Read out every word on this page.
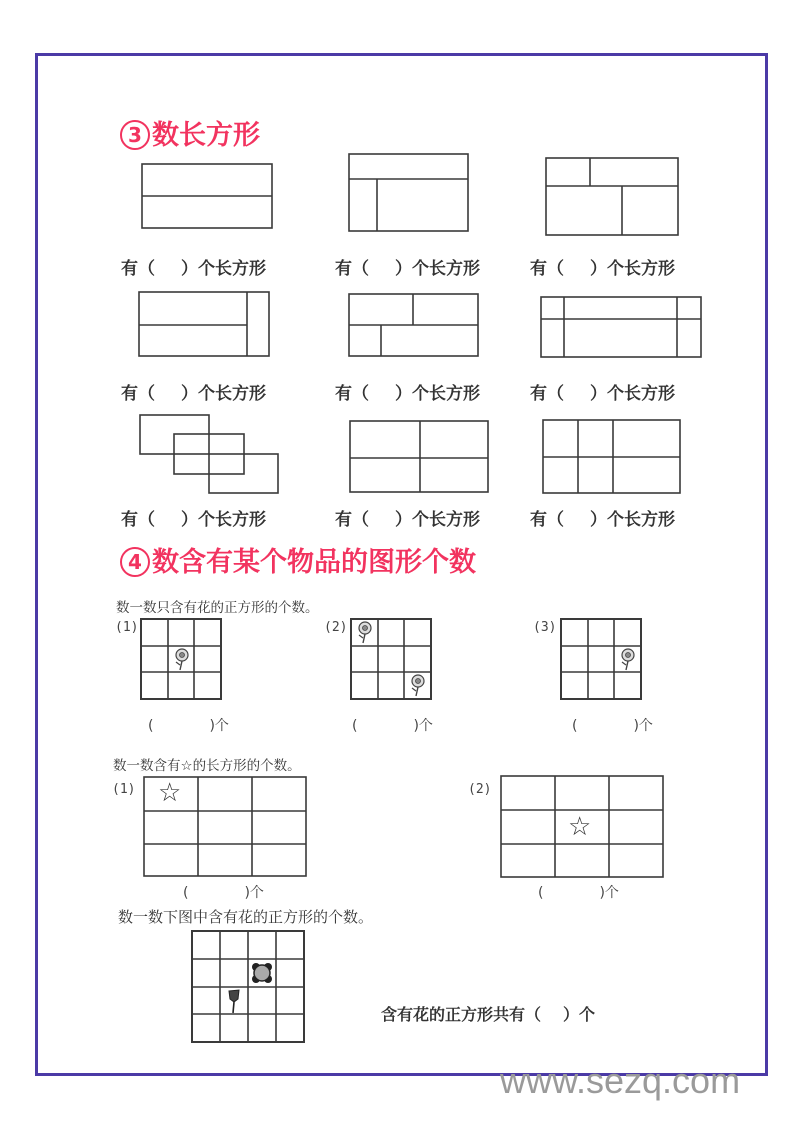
3 数长方形
有（ ）个长方形	有（ ）个长方形	有（ ）个长方形
有（ ）个长方形	有（ ）个长方形	有（ ）个长方形
有（ ）个长方形	有（ ）个长方形	有（ ）个长方形
4 数含有某个物品的图形个数
数一数只含有花的正方形的个数。
(1)	(2)	(3)
(	)个	(	)个	(	)个
数一数含有☆的长方形的个数。
(1)	(2)
☆
☆
(	)个	(	)个
数一数下图中含有花的正方形的个数。
含有花的正方形共有（ ）个
www.sezq.com
